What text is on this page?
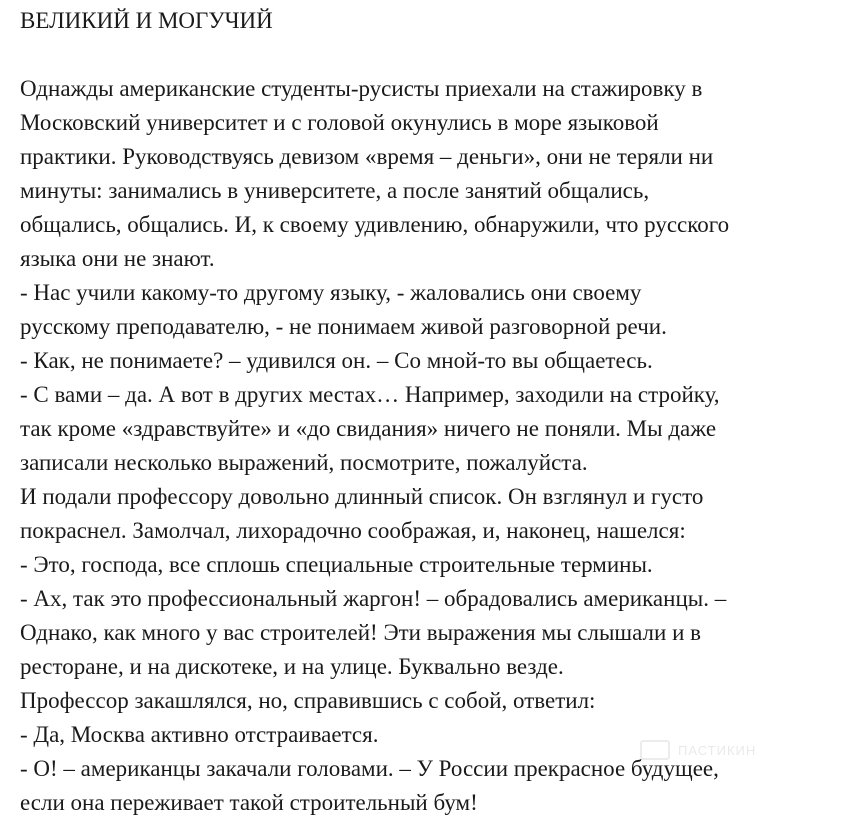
ВЕЛИКИЙ И МОГУЧИЙ

Однажды американские студенты-русисты приехали на стажировку в

Московский университет и с головой окунулись в море языковой

практики. Руководствуясь девизом «время – деньги», они не теряли ни

минуты: занимались в университете, а после занятий общались,

общались, общались. И, к своему удивлению, обнаружили, что русского

языка они не знают.

- Нас учили какому-то другому языку, - жаловались они своему

русскому преподавателю, - не понимаем живой разговорной речи.

- Как, не понимаете? – удивился он. – Со мной-то вы общаетесь.

- С вами – да. А вот в других местах… Например, заходили на стройку,

так кроме «здравствуйте» и «до свидания» ничего не поняли. Мы даже

записали несколько выражений, посмотрите, пожалуйста.

И подали профессору довольно длинный список. Он взглянул и густо

покраснел. Замолчал, лихорадочно соображая, и, наконец, нашелся:

- Это, господа, все сплошь специальные строительные термины.

- Ах, так это профессиональный жаргон! – обрадовались американцы. –

Однако, как много у вас строителей! Эти выражения мы слышали и в

ресторане, и на дискотеке, и на улице. Буквально везде.

Профессор закашлялся, но, справившись с собой, ответил:

- Да, Москва активно отстраивается.

- О! – американцы закачали головами. – У России прекрасное будущее,

если она переживает такой строительный бум!

ПАСТИКИН
